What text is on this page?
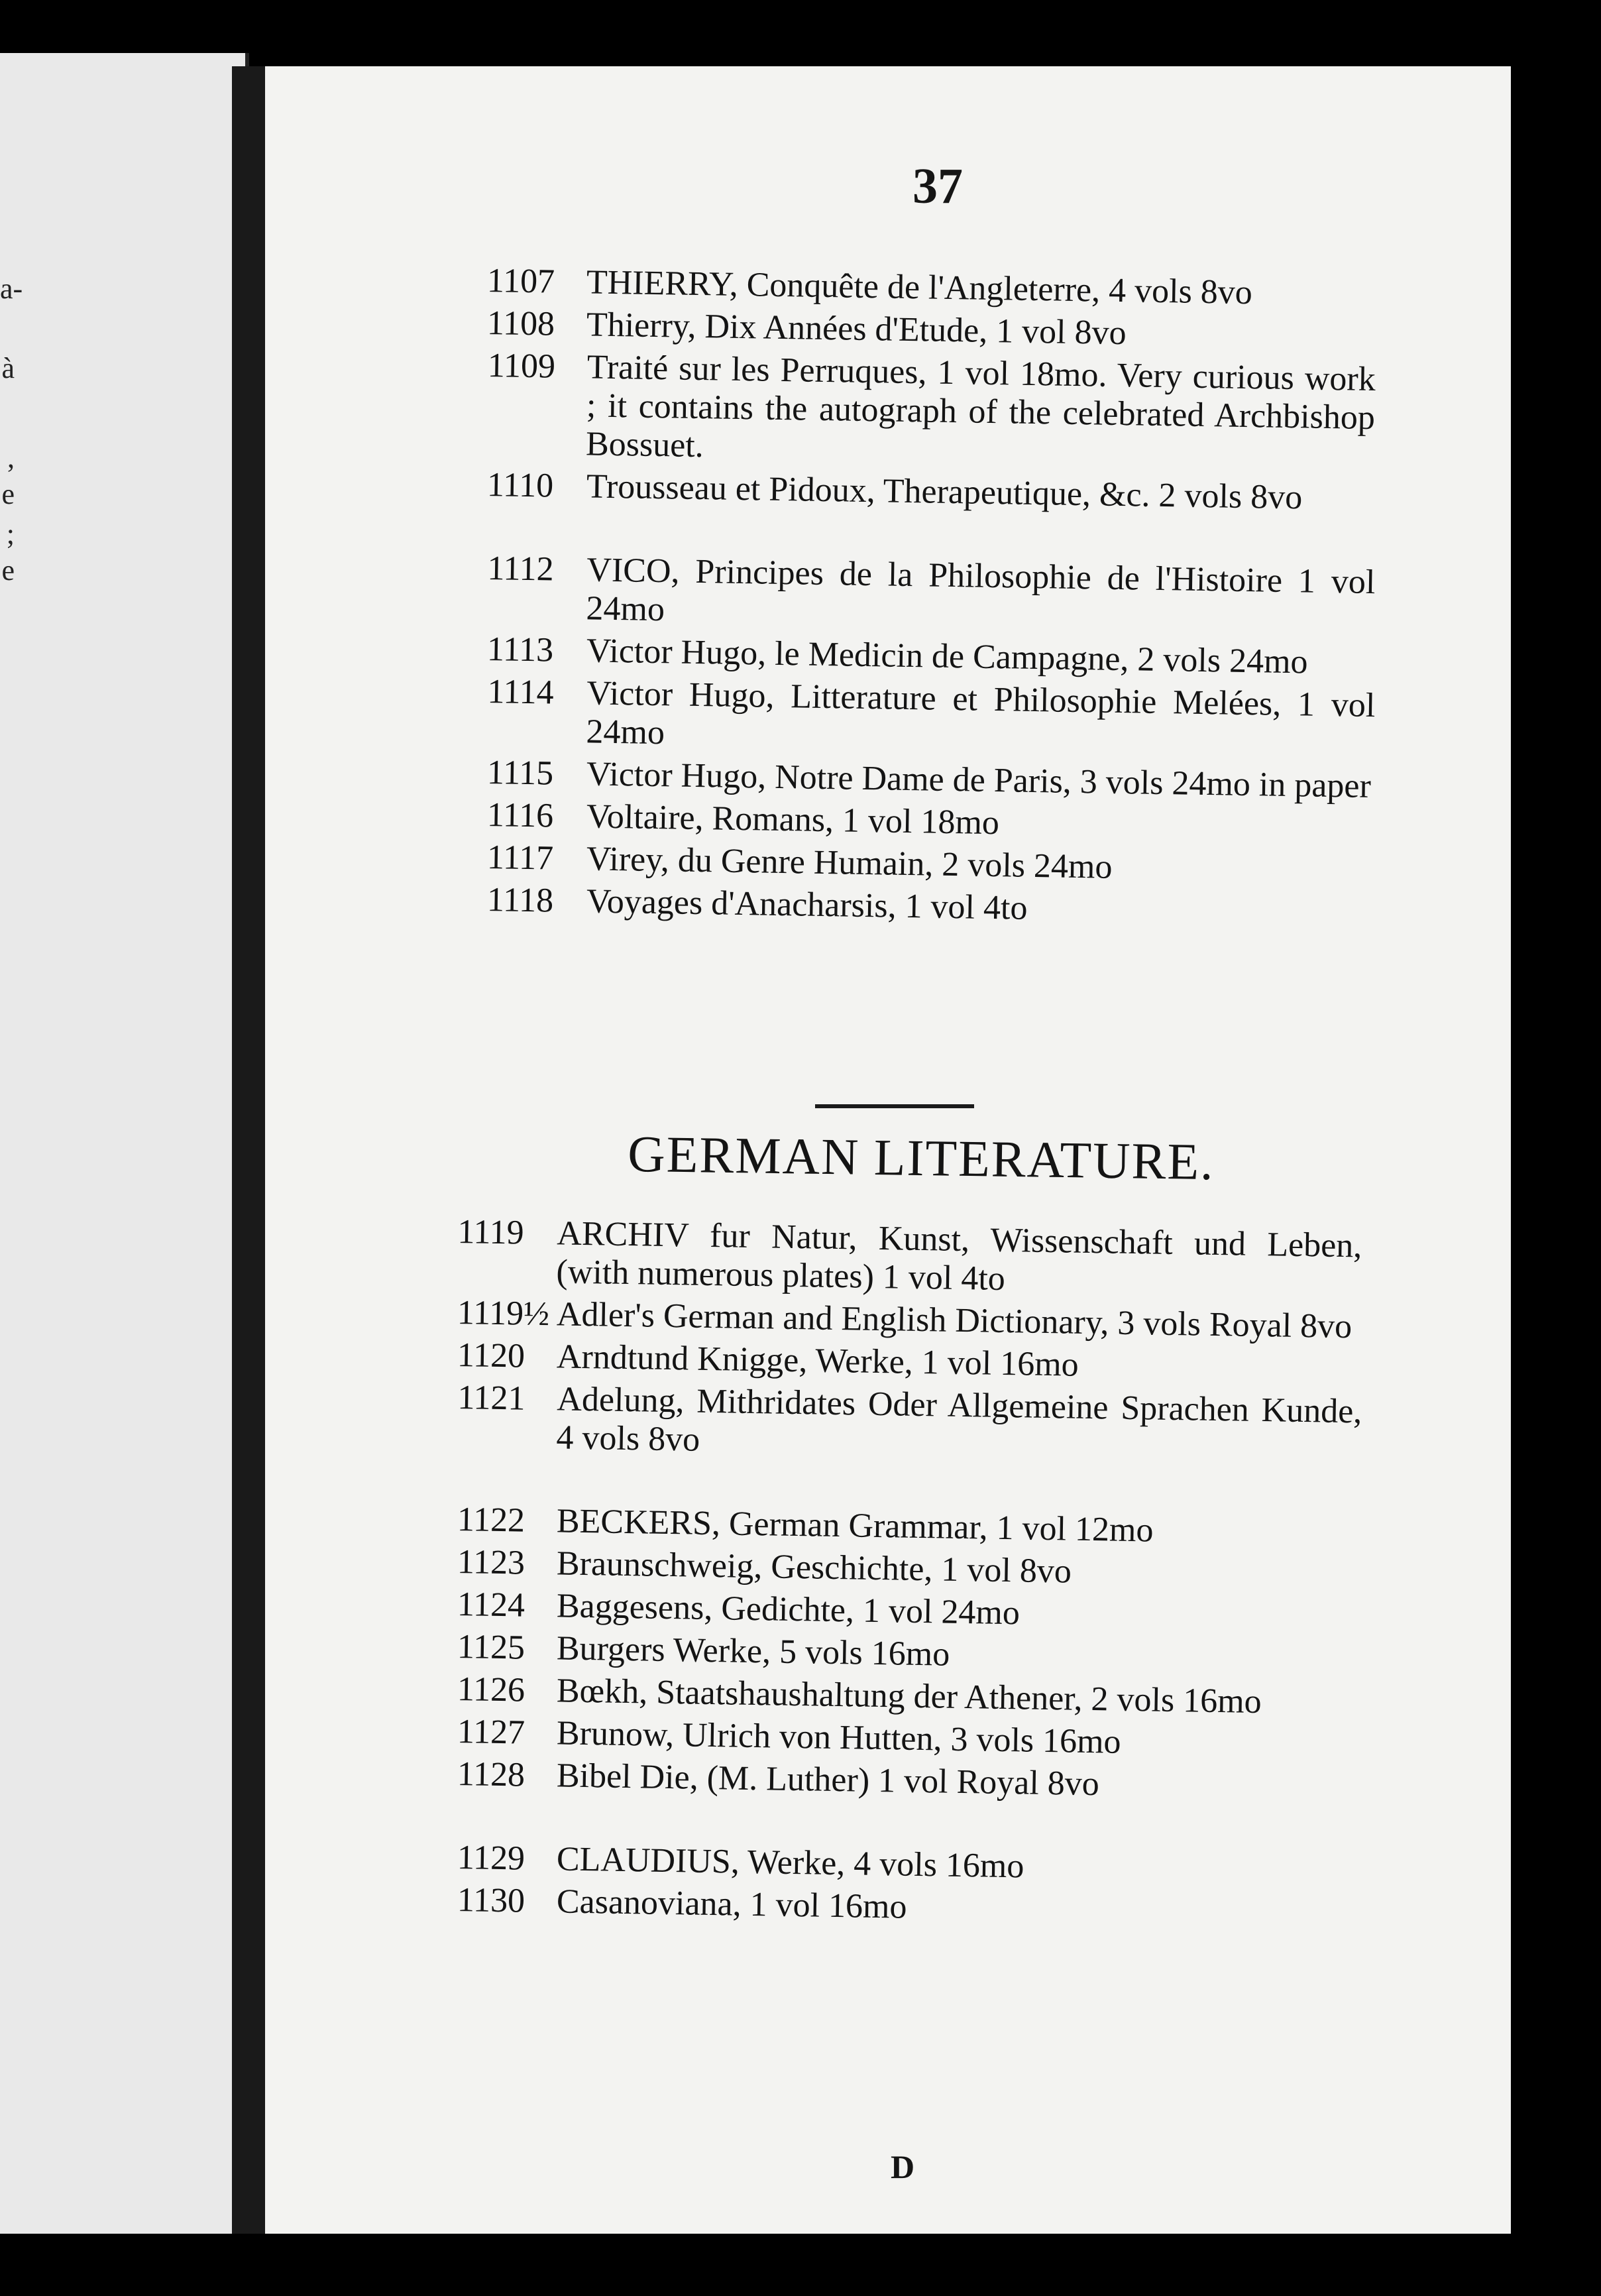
a-
à
,
e
;
e
37
1107 THIERRY, Conquête de l'Angleterre, 4 vols 8vo
1108 Thierry, Dix Années d'Etude, 1 vol 8vo
1109 Traité sur les Perruques, 1 vol 18mo. Very curious work ; it contains the autograph of the celebrated Archbishop Bossuet.
1110 Trousseau et Pidoux, Therapeutique, &c. 2 vols 8vo
1112 VICO, Principes de la Philosophie de l'Histoire 1 vol 24mo
1113 Victor Hugo, le Medicin de Campagne, 2 vols 24mo
1114 Victor Hugo, Litterature et Philosophie Melées, 1 vol 24mo
1115 Victor Hugo, Notre Dame de Paris, 3 vols 24mo in paper
1116 Voltaire, Romans, 1 vol 18mo
1117 Virey, du Genre Humain, 2 vols 24mo
1118 Voyages d'Anacharsis, 1 vol 4to
GERMAN LITERATURE.
1119 ARCHIV fur Natur, Kunst, Wissenschaft und Leben, (with numerous plates) 1 vol 4to
1119½ Adler's German and English Dictionary, 3 vols Royal 8vo
1120 Arndtund Knigge, Werke, 1 vol 16mo
1121 Adelung, Mithridates Oder Allgemeine Sprachen Kunde, 4 vols 8vo
1122 BECKERS, German Grammar, 1 vol 12mo
1123 Braunschweig, Geschichte, 1 vol 8vo
1124 Baggesens, Gedichte, 1 vol 24mo
1125 Burgers Werke, 5 vols 16mo
1126 Bœkh, Staatshaushaltung der Athener, 2 vols 16mo
1127 Brunow, Ulrich von Hutten, 3 vols 16mo
1128 Bibel Die, (M. Luther) 1 vol Royal 8vo
1129 CLAUDIUS, Werke, 4 vols 16mo
1130 Casanoviana, 1 vol 16mo
D
